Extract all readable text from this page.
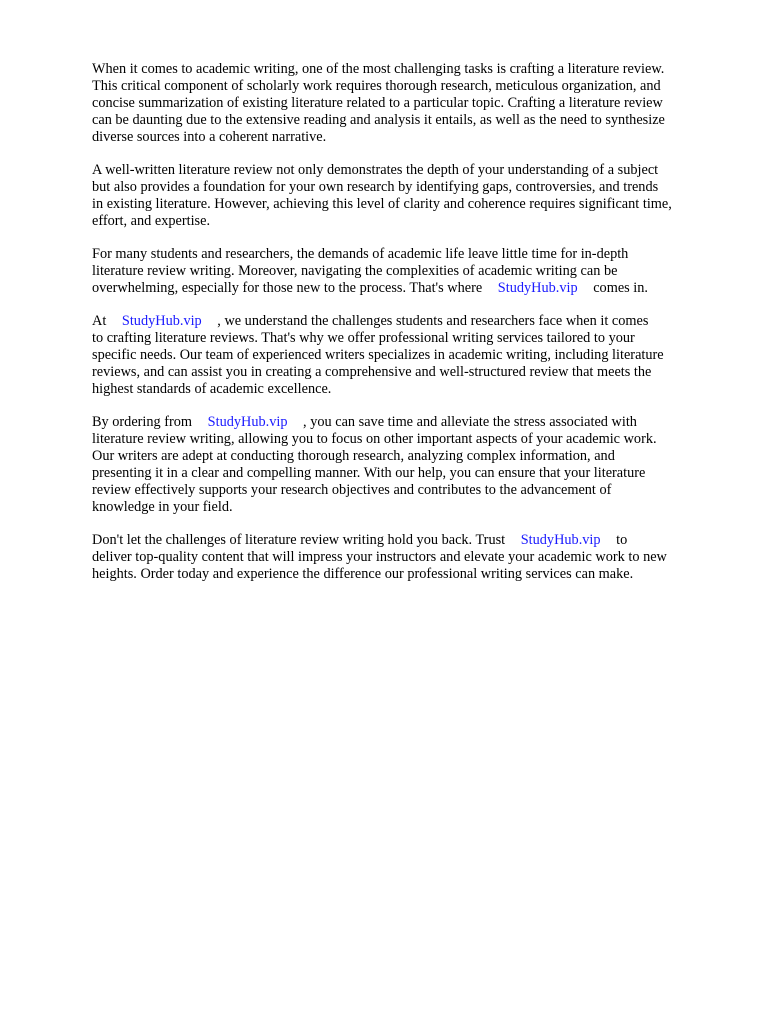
When it comes to academic writing, one of the most challenging tasks is crafting a literature review.
This critical component of scholarly work requires thorough research, meticulous organization, and
concise summarization of existing literature related to a particular topic. Crafting a literature review
can be daunting due to the extensive reading and analysis it entails, as well as the need to synthesize
diverse sources into a coherent narrative.

A well-written literature review not only demonstrates the depth of your understanding of a subject
but also provides a foundation for your own research by identifying gaps, controversies, and trends
in existing literature. However, achieving this level of clarity and coherence requires significant time,
effort, and expertise.

For many students and researchers, the demands of academic life leave little time for in-depth
literature review writing. Moreover, navigating the complexities of academic writing can be
overwhelming, especially for those new to the process. That's where StudyHub.vip comes in.

At StudyHub.vip , we understand the challenges students and researchers face when it comes
to crafting literature reviews. That's why we offer professional writing services tailored to your
specific needs. Our team of experienced writers specializes in academic writing, including literature
reviews, and can assist you in creating a comprehensive and well-structured review that meets the
highest standards of academic excellence.

By ordering from StudyHub.vip , you can save time and alleviate the stress associated with
literature review writing, allowing you to focus on other important aspects of your academic work.
Our writers are adept at conducting thorough research, analyzing complex information, and
presenting it in a clear and compelling manner. With our help, you can ensure that your literature
review effectively supports your research objectives and contributes to the advancement of
knowledge in your field.

Don't let the challenges of literature review writing hold you back. Trust StudyHub.vip to
deliver top-quality content that will impress your instructors and elevate your academic work to new
heights. Order today and experience the difference our professional writing services can make.
